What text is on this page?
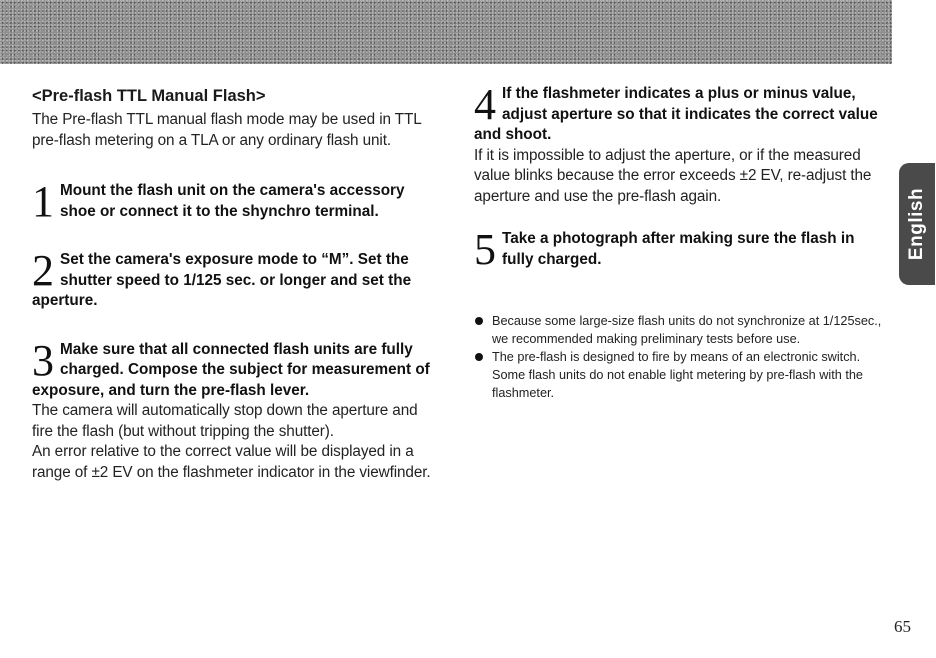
<Pre-flash TTL Manual Flash>

The Pre-flash TTL manual flash mode may be used in TTL pre-flash metering on a TLA or any ordinary flash unit.

1 Mount the flash unit on the camera's accessory shoe or connect it to the shynchro terminal.

2 Set the camera's exposure mode to “M”. Set the shutter speed to 1/125 sec. or longer and set the aperture.

3 Make sure that all connected flash units are fully charged. Compose the subject for measurement of exposure, and turn the pre-flash lever.

The camera will automatically stop down the aperture and fire the flash (but without tripping the shutter).

An error relative to the correct value will be displayed in a range of ±2 EV on the flashmeter indicator in the viewfinder.

4 If the flashmeter indicates a plus or minus value, adjust aperture so that it indicates the correct value and shoot.

If it is impossible to adjust the aperture, or if the measured value blinks because the error exceeds ±2 EV, re-adjust the aperture and use the pre-flash again.

5 Take a photograph after making sure the flash in fully charged.

Because some large-size flash units do not synchronize at 1/125sec., we recommended making preliminary tests before use.
The pre-flash is designed to fire by means of an electronic switch. Some flash units do not enable light metering by pre-flash with the flashmeter.
English
65
